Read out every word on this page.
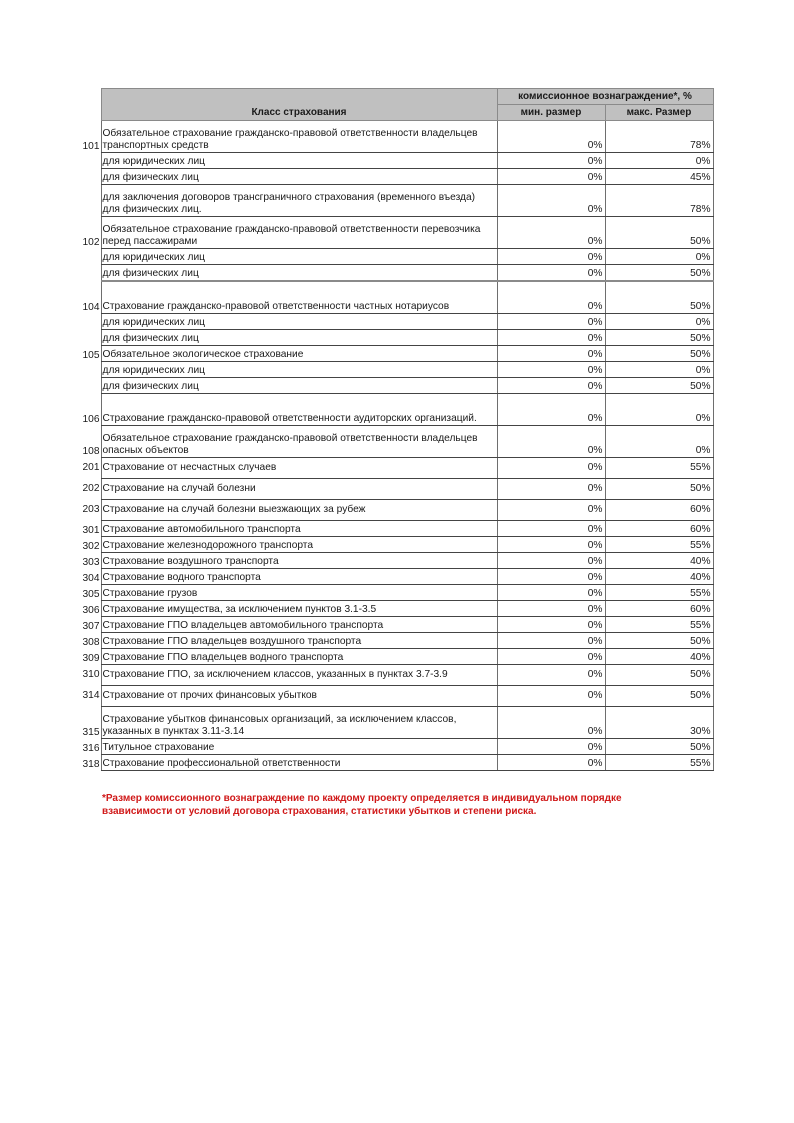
	Класс страхования	комиссионное вознаграждение*, %	
		мин. размер	макс. Размер
101	Обязательное страхование гражданско-правовой ответственности владельцев транспортных средств	0%	78%
	для юридических лиц	0%	0%
	для физических лиц	0%	45%

	для заключения договоров трансграничного страхования (временного въезда) для физических лиц.	0%	78%
102	Обязательное страхование гражданско-правовой ответственности перевозчика перед пассажирами	0%	50%
	для юридических лиц	0%	0%
	для физических лиц	0%	50%
104	Страхование гражданско-правовой ответственности частных нотариусов	0%	50%
	для юридических лиц	0%	0%
	для физических лиц	0%	50%
105	Обязательное экологическое страхование	0%	50%
	для юридических лиц	0%	0%
	для физических лиц	0%	50%
106	Страхование гражданско-правовой ответственности аудиторских организаций.	0%	0%
108	Обязательное страхование гражданско-правовой ответственности владельцев опасных объектов	0%	0%
201	Страхование от несчастных случаев	0%	55%
202	Страхование на случай болезни	0%	50%
203	Страхование на случай болезни выезжающих за рубеж	0%	60%
301	Страхование автомобильного транспорта	0%	60%
302	Страхование железнодорожного транспорта	0%	55%
303	Страхование воздушного транспорта	0%	40%
304	Страхование водного транспорта	0%	40%
305	Страхование грузов	0%	55%
306	Страхование имущества, за исключением пунктов 3.1-3.5	0%	60%
307	Страхование ГПО владельцев автомобильного транспорта	0%	55%
308	Страхование ГПО владельцев воздушного транспорта	0%	50%
309	Страхование ГПО владельцев водного транспорта	0%	40%
310	Страхование ГПО, за исключением классов, указанных в пунктах 3.7-3.9	0%	50%
314	Страхование от прочих финансовых убытков	0%	50%
315	Страхование убытков финансовых организаций, за исключением классов, указанных в пунктах 3.11-3.14	0%	30%
316	Титульное страхование	0%	50%
318	Страхование профессиональной ответственности	0%	55%
*Размер комиссионного вознаграждение по каждому проекту определяется в индивидуальном порядке взависимости от условий договора страхования, статистики убытков и степени риска.
